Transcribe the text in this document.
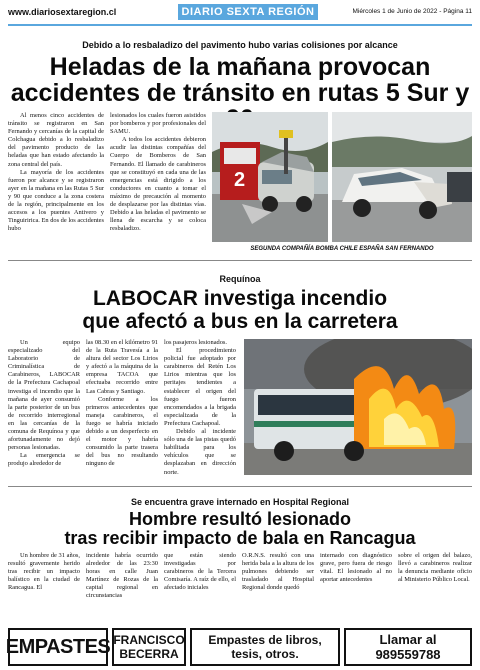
www.diariosextaregion.cl	DIARIO SEXTA REGIÓN	Miércoles 1 de Junio de 2022 - Página 11
Debido a lo resbaladizo del pavimento hubo varias colisiones por alcance
Heladas de la mañana provocan
accidentes de tránsito en rutas 5 Sur y

Al menos cinco accidentes de tránsito se registraron en San Fernando y cercanías de la capital de Colchagua debido a lo resbaladizo del pavimento producto de las heladas que han estado afectando la zona central del país.

La mayoría de los accidentes fueron por alcance y se registraron ayer en la mañana en las Rutas 5 Sur y 90 que conduce a la zona costera de la región, principalmente en los accesos a los puentes Antivero y Tinguiririca. En dos de los accidentes hubo

lesionados los cuales fueron asistidos por bomberos y por profesionales del SAMU.

A todos los accidentes debieron acudir las distintas compañías del Cuerpo de Bomberos de San Fernando. El llamado de carabineros que se constituyó en cada una de las emergencias está dirigido a los conductores en cuanto a tomar el máximo de precaución al momento de desplazarse por las distintas vías. Debido a las heladas el pavimento se llena de escarcha y se coloca resbaladizo.

2
SEGUNDA COMPAÑÍA BOMBA CHILE ESPAÑA SAN FERNANDO
Requínoa
LABOCAR investiga incendio
que afectó a bus en la carretera

Un equipo especializado del Laboratorio de Criminalística de Carabineros, LABOCAR de la Prefectura Cachapoal investiga el incendio que la mañana de ayer consumió la parte posterior de un bus de recorrido interregional en las cercanías de la comuna de Requínoa y que afortunadamente no dejó personas lesionadas.

La emergencia se produjo alrededor de

las 08.30 en el kilómetro 91 de la Ruta Travesía a la altura del sector Los Lirios y afectó a la máquina de la empresa TACOA que efectuaba recorrido entre Las Cabras y Santiago.

Conforme a los primeros antecedentes que maneja carabineros, el fuego se habría iniciado debido a un desperfecto en el motor y habría consumido la parte trasera del bus no resultando ninguno de

los pasajeros lesionados.

El procedimiento policial fue adoptado por carabineros del Retén Los Lirios mientras que los peritajes tendientes a establecer el origen del fuego fueron encomendados a la brigada especializada de la Prefectura Cachapoal.

Debido al incidente sólo una de las pistas quedó habilitada para los vehículos que se desplazaban en dirección norte.

Se encuentra grave internado en Hospital Regional
Hombre resultó lesionado
tras recibir impacto de bala en Rancagua

Un hombre de 31 años, resultó gravemente herido tras recibir un impacto balístico en la ciudad de Rancagua. El

incidente habría ocurrido alrededor de las 23:30 horas en calle Juan Martínez de Rozas de la capital regional en circunstancias

que están siendo investigadas por carabineros de la Tercera Comisaría. A raíz de ello, el afectado iniciales

O.R.N.S. resultó con una herida bala a la altura de los pulmones debiendo ser trasladado al Hospital Regional donde quedó

internado con diagnóstico grave, pero fuera de riesgo vital. El lesionado al no aportar antecedentes

sobre el origen del balazo, llevó a carabineros realizar la denuncia mediante oficio al Ministerio Público Local.

EMPASTES FRANCISCO
BECERRA
Empastes de libros,
tesis, otros.
Llamar al
989559788
